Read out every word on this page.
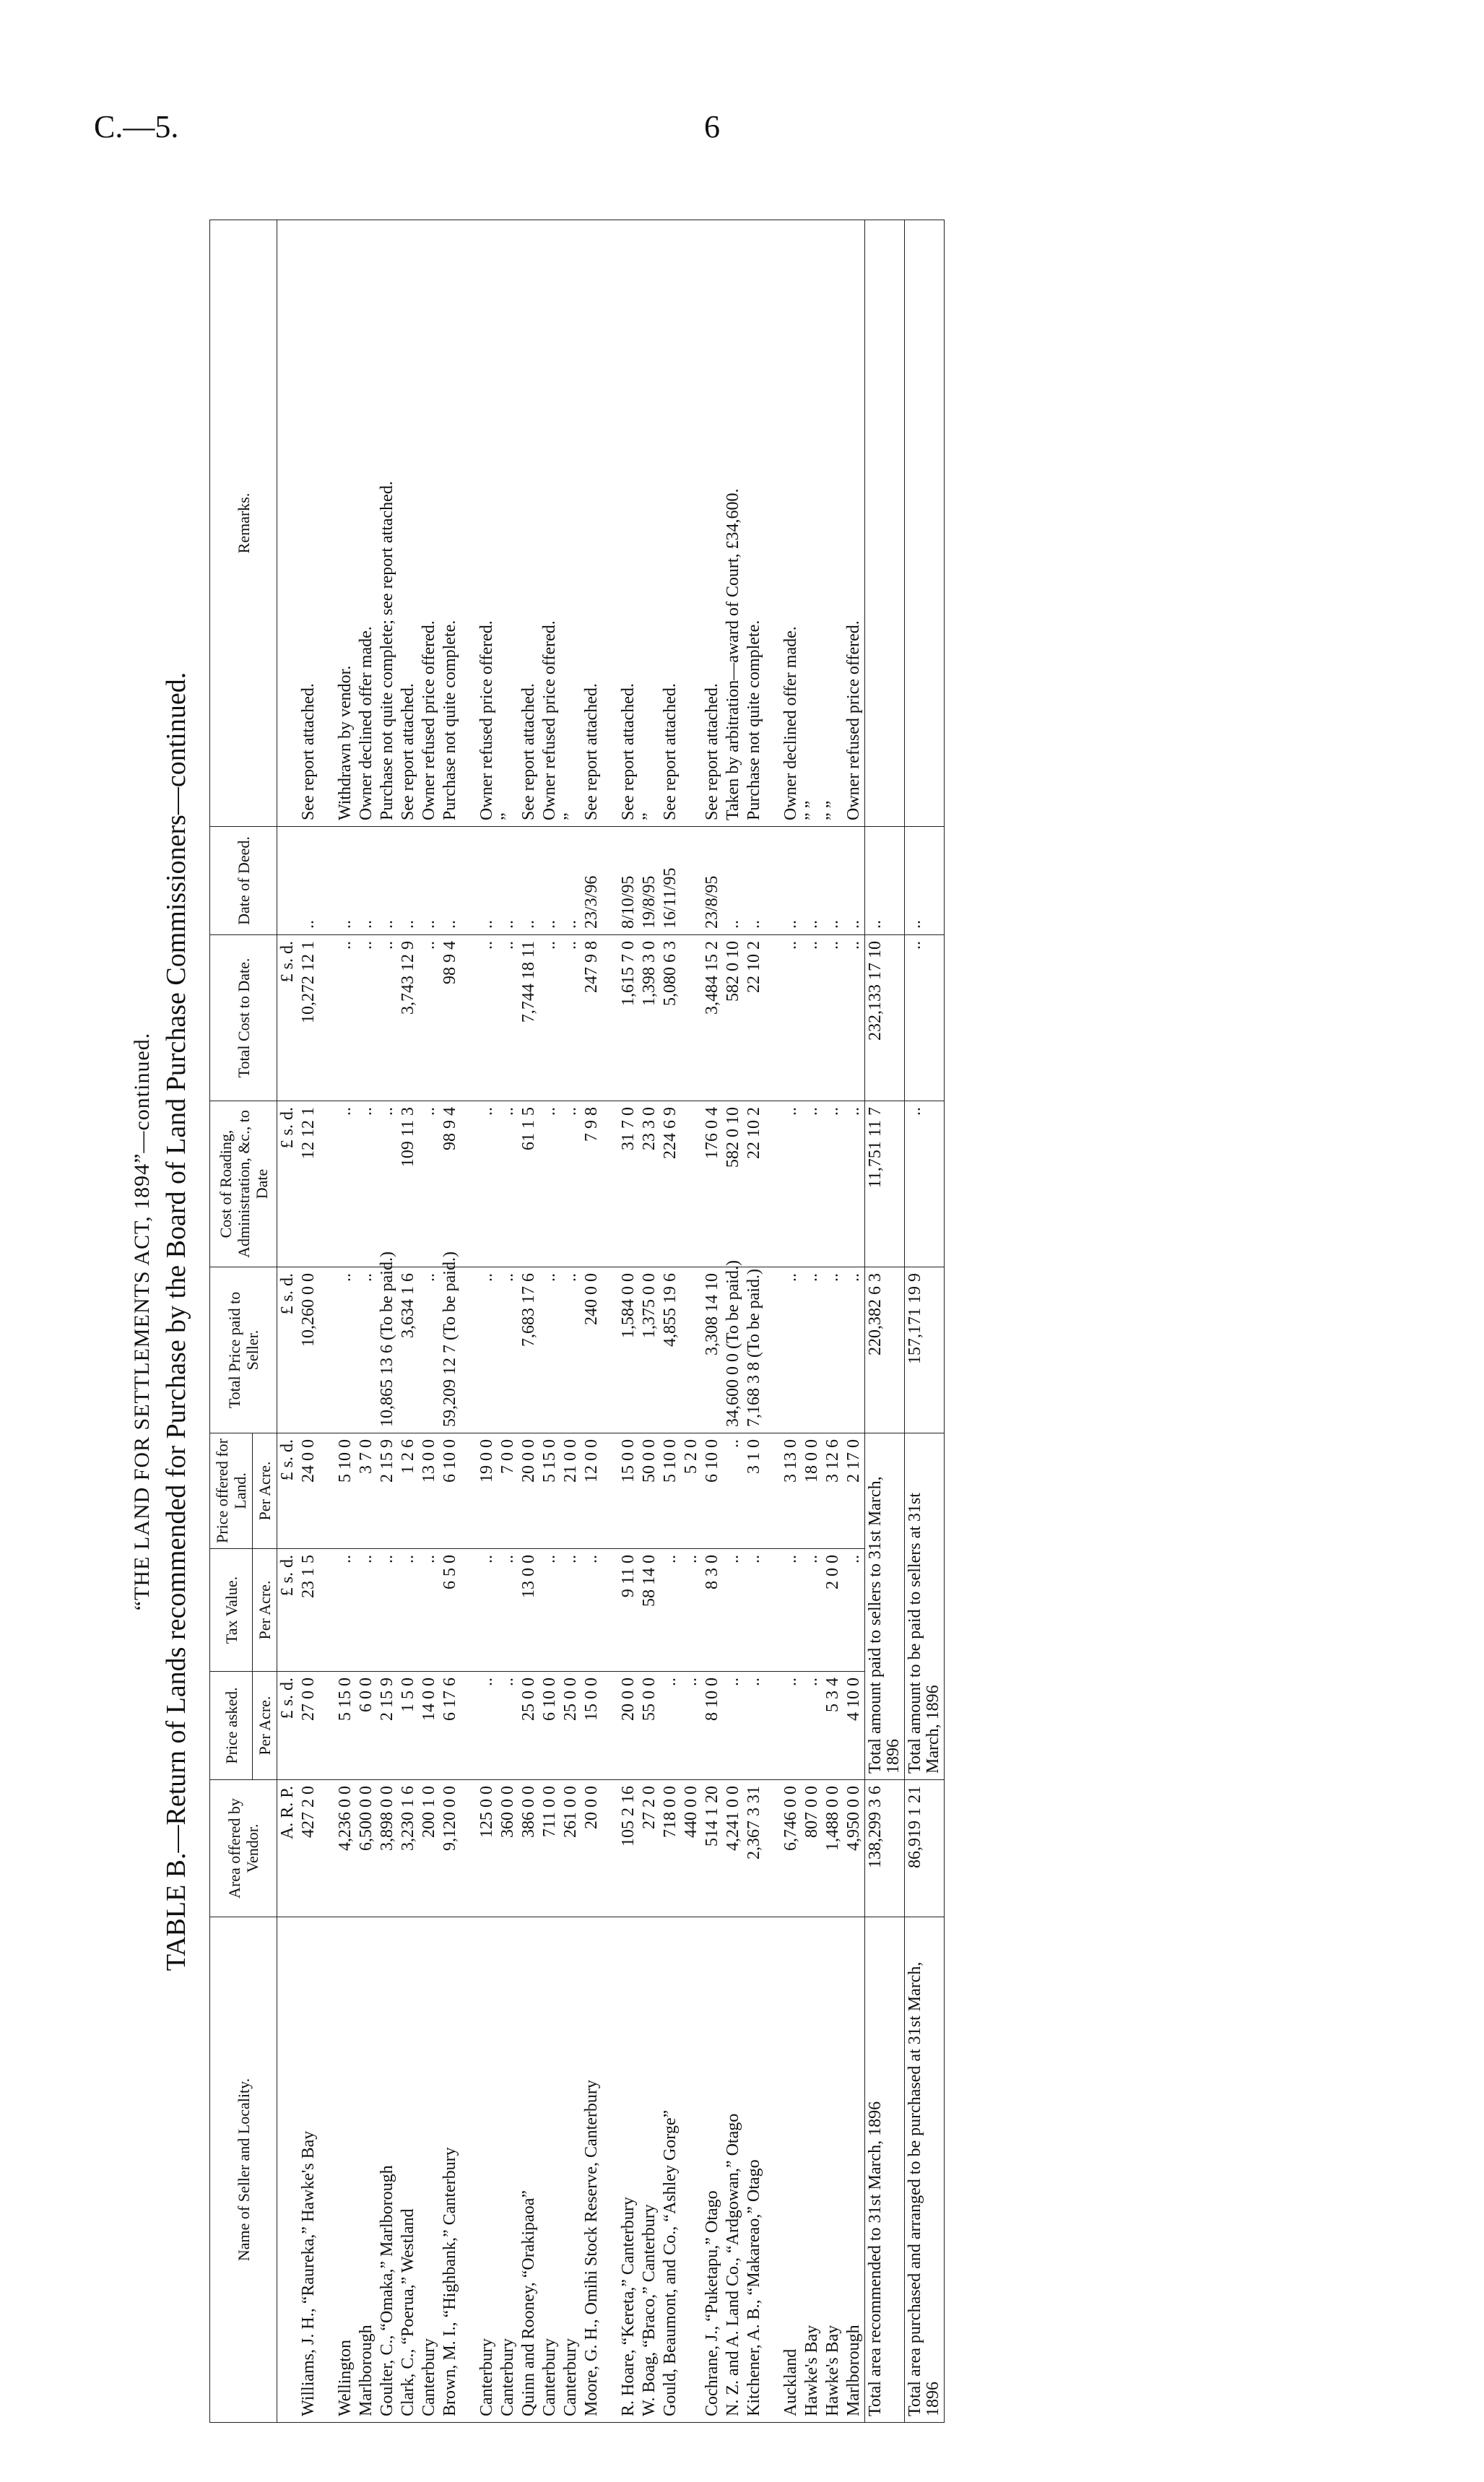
C.—5.	6
“THE LAND FOR SETTLEMENTS ACT, 1894”—continued. TABLE B.—Return of Lands recommended for Purchase by the Board of Land Purchase Commissioners—continued.
Name of Seller and Locality.	Area offered by Vendor.	Price asked.	Tax Value.	Price offered for Land.	Total Price paid to Seller.	Cost of Roading, Administration, &c., to Date	Total Cost to Date.	Date of Deed.	Remarks.
		Per Acre.	Per Acre.	Per Acre.					
	A. R. P.	£ s. d.	£ s. d.	£ s. d.	£ s. d.	£ s. d.	£ s. d.		
Williams, J. H., “Raureka,” Hawke's Bay	427 2 0	27 0 0	23 1 5	24 0 0	10,260 0 0	12 12 1	10,272 12 1	..	See report attached.

Wellington	4,236 0 0	5 15 0	..	5 10 0	..	..	..	..	Withdrawn by vendor.
Marlborough	6,500 0 0	6 0 0	..	3 7 0	..	..	..	..	Owner declined offer made.
Goulter, C., “Omaka,” Marlborough	3,898 0 0	2 15 9	..	2 15 9	10,865 13 6 (To be paid.)	..	..	..	Purchase not quite complete; see report attached.
Clark, C., “Poerua,” Westland	3,230 1 6	1 5 0	..	1 2 6	3,634 1 6	109 11 3	3,743 12 9	..	See report attached.
Canterbury	200 1 0	14 0 0	..	13 0 0	..	..	..	..	Owner refused price offered.
Brown, M. I., “Highbank,” Canterbury	9,120 0 0	6 17 6	6 5 0	6 10 0	59,209 12 7 (To be paid.)	98 9 4	98 9 4	..	Purchase not quite complete.

Canterbury	125 0 0	..	..	19 0 0	..	..	..	..	Owner refused price offered.
Canterbury	360 0 0	..	..	7 0 0	..	..	..	..	”
Quinn and Rooney, “Orakipaoa”	386 0 0	25 0 0	13 0 0	20 0 0	7,683 17 6	61 1 5	7,744 18 11	..	See report attached.
Canterbury	711 0 0	6 10 0	..	5 15 0	..	..	..	..	Owner refused price offered.
Canterbury	261 0 0	25 0 0	..	21 0 0	..	..	..	..	”
Moore, G. H., Omihi Stock Reserve, Canterbury	20 0 0	15 0 0	..	12 0 0	240 0 0	7 9 8	247 9 8	23/3/96	See report attached.

R. Hoare, “Kereta,” Canterbury	105 2 16	20 0 0	9 11 0	15 0 0	1,584 0 0	31 7 0	1,615 7 0	8/10/95	See report attached.
W. Boag, “Braco,” Canterbury	27 2 0	55 0 0	58 14 0	50 0 0	1,375 0 0	23 3 0	1,398 3 0	19/8/95	”
Gould, Beaumont, and Co., “Ashley Gorge”	718 0 0	..	..	5 10 0	4,855 19 6	224 6 9	5,080 6 3	16/11/95	See report attached.
	440 0 0	..	..	5 2 0					
Cochrane, J., “Puketapu,” Otago	514 1 20	8 10 0	8 3 0	6 10 0	3,308 14 10	176 0 4	3,484 15 2	23/8/95	See report attached.
N. Z. and A. Land Co., “Ardgowan,” Otago	4,241 0 0	..	..	..	34,600 0 0 (To be paid.)	582 0 10	582 0 10	..	Taken by arbitration—award of Court, £34,600.
Kitchener, A. B., “Makareao,” Otago	2,367 3 31	..	..	3 1 0	7,168 3 8 (To be paid.)	22 10 2	22 10 2	..	Purchase not quite complete.

Auckland	6,746 0 0	..	..	3 13 0	..	..	..	..	Owner declined offer made.
Hawke's Bay	807 0 0	..	..	18 0 0	..	..	..	..	” ”
Hawke's Bay	1,488 0 0	5 3 4	2 0 0	3 12 6	..	..	..	..	” ”
Marlborough	4,950 0 0	4 10 0	..	2 17 0	..	..	..	..	Owner refused price offered.
Total area recommended to 31st March, 1896	138,299 3 6	Total amount paid to sellers to 31st March, 1896			220,382 6 3	11,751 11 7	232,133 17 10	..	
Total area purchased and arranged to be purchased at 31st March, 1896	86,919 1 21	Total amount to be paid to sellers at 31st March, 1896			157,171 19 9	..	..	..	
